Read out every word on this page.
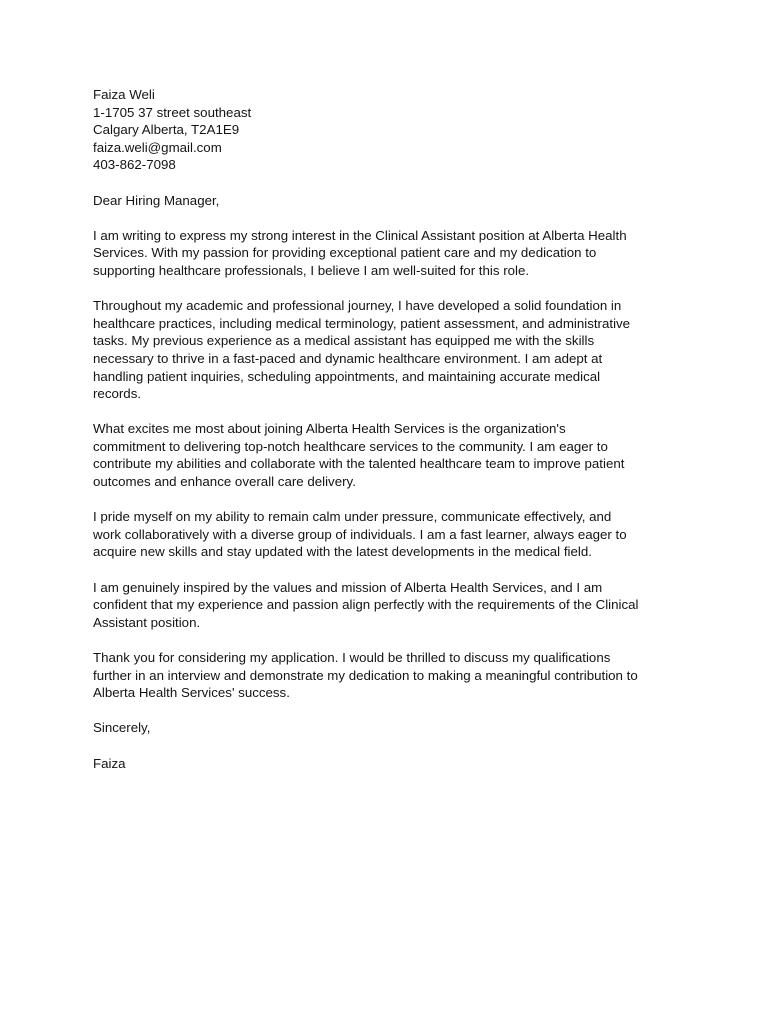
Faiza Weli
1-1705 37 street southeast
Calgary Alberta, T2A1E9
faiza.weli@gmail.com
403-862-7098
Dear Hiring Manager,
I am writing to express my strong interest in the Clinical Assistant position at Alberta Health
Services. With my passion for providing exceptional patient care and my dedication to
supporting healthcare professionals, I believe I am well-suited for this role.
Throughout my academic and professional journey, I have developed a solid foundation in
healthcare practices, including medical terminology, patient assessment, and administrative
tasks. My previous experience as a medical assistant has equipped me with the skills
necessary to thrive in a fast-paced and dynamic healthcare environment. I am adept at
handling patient inquiries, scheduling appointments, and maintaining accurate medical
records.
What excites me most about joining Alberta Health Services is the organization's
commitment to delivering top-notch healthcare services to the community. I am eager to
contribute my abilities and collaborate with the talented healthcare team to improve patient
outcomes and enhance overall care delivery.
I pride myself on my ability to remain calm under pressure, communicate effectively, and
work collaboratively with a diverse group of individuals. I am a fast learner, always eager to
acquire new skills and stay updated with the latest developments in the medical field.
I am genuinely inspired by the values and mission of Alberta Health Services, and I am
confident that my experience and passion align perfectly with the requirements of the Clinical
Assistant position.
Thank you for considering my application. I would be thrilled to discuss my qualifications
further in an interview and demonstrate my dedication to making a meaningful contribution to
Alberta Health Services' success.
Sincerely,
Faiza
